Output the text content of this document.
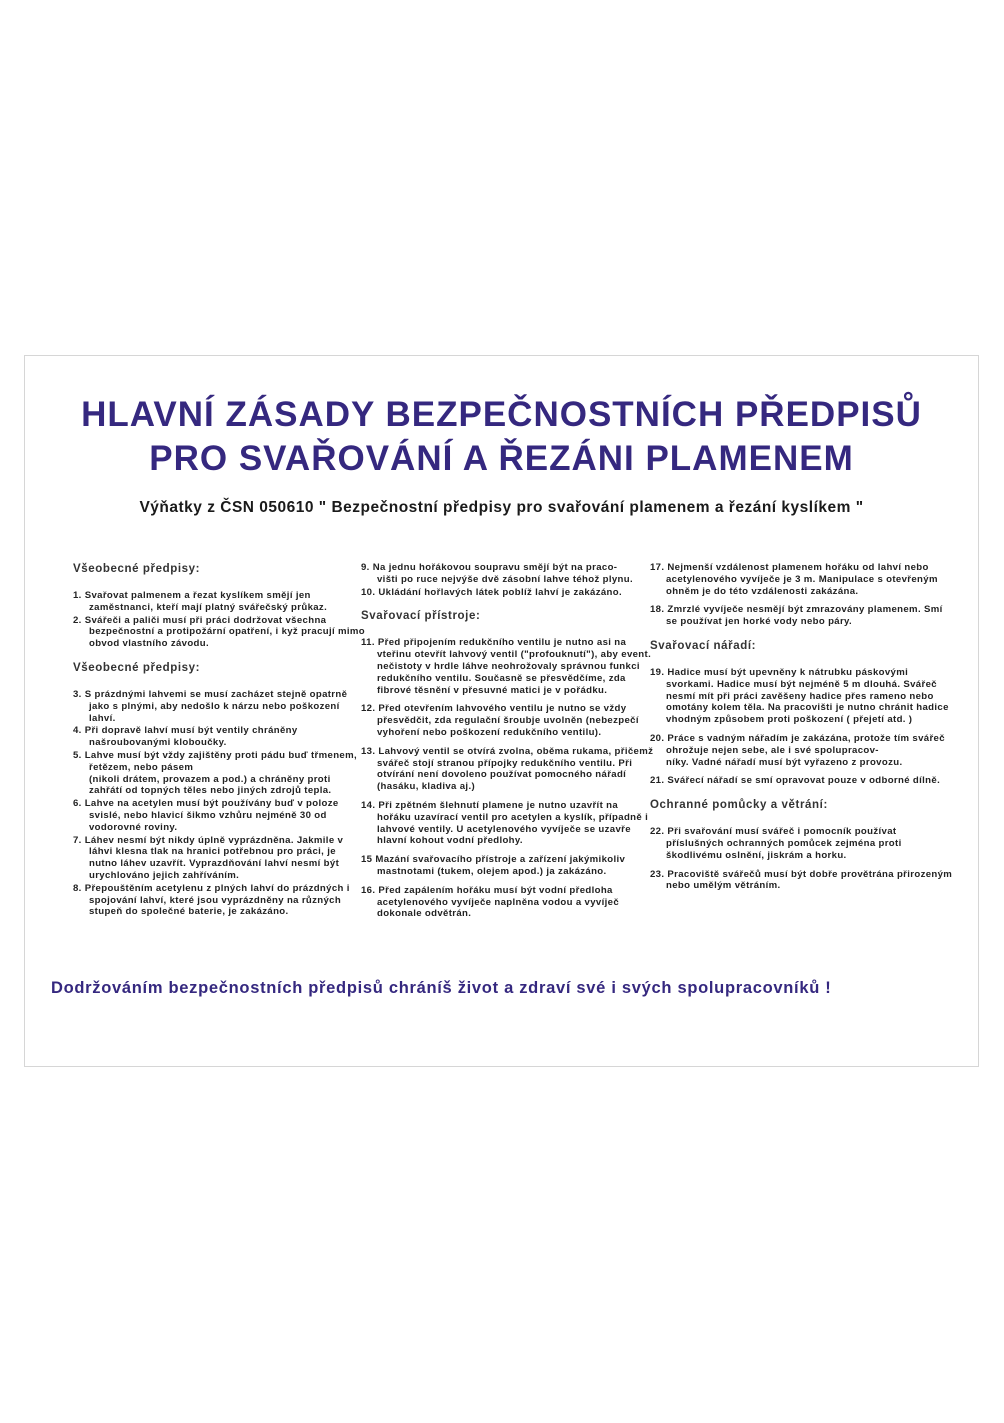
HLAVNÍ ZÁSADY BEZPEČNOSTNÍCH PŘEDPISŮ
PRO SVAŘOVÁNÍ A ŘEZÁNI PLAMENEM

Výňatky z ČSN 050610 " Bezpečnostní předpisy pro svařování plamenem a řezání kyslíkem "

Všeobecné předpisy:

1. Svařovat palmenem a řezat kyslíkem smějí jen zaměstnanci, kteří mají platný svářečský průkaz.

2. Svářeči a paliči musí při práci dodržovat všechna bezpečnostní a protipožární opatření, i kyž pracují mimo obvod vlastního závodu.

Všeobecné předpisy:

3. S prázdnými lahvemi se musí zacházet stejně opatrně jako s plnými, aby nedošlo k nárzu nebo poškození lahví.

4. Při dopravě lahví musí být ventily chráněny našroubovanými kloboučky.

5. Lahve musí být vždy zajištěny proti pádu buď třmenem, řetězem, nebo pásem
(nikoli drátem, provazem a pod.) a chráněny proti zahřátí od topných těles nebo jiných zdrojů tepla.

6. Lahve na acetylen musí být používány buď v poloze svislé, nebo hlavicí šikmo vzhůru nejméně 30 od vodorovné roviny.

7. Láhev nesmí být nikdy úplně vyprázdněna. Jakmile v láhvi klesna tlak na hranici potřebnou pro práci, je nutno láhev uzavřít. Vyprazdňování lahví nesmí být urychlováno jejich zahříváním.

8. Přepouštěním acetylenu z plných lahví do prázdných i spojování lahví, které jsou vyprázdněny na různých stupeň do společné baterie, je zakázáno.

9. Na jednu hořákovou soupravu smějí být na praco-
višti po ruce nejvýše dvě zásobní lahve téhož plynu.

10. Ukládání hořlavých látek poblíž lahví je zakázáno.

Svařovací přístroje:

11. Před připojením redukčního ventilu je nutno asi na vteřinu otevřít lahvový ventil ("profouknutí"), aby event. nečistoty v hrdle láhve neohrožovaly správnou funkci redukčního ventilu. Současně se přesvědčíme, zda fibrové těsnění v přesuvné matici je v pořádku.

12. Před otevřením lahvového ventilu je nutno se vždy přesvědčit, zda regulační šroubje uvolněn (nebezpečí vyhoření nebo poškození redukčního ventilu).

13. Lahvový ventil se otvírá zvolna, oběma rukama, přičemž svářeč stojí stranou přípojky redukčního ventilu. Při otvírání není dovoleno používat pomocného nářadí (hasáku, kladiva aj.)

14. Při zpětném šlehnutí plamene je nutno uzavřít na hořáku uzavírací ventil pro acetylen a kyslík, případně i lahvové ventily. U acetylenového vyvíječe se uzavře hlavní kohout vodní předlohy.

15 Mazání svařovacího přístroje a zařízení jakýmikoliv mastnotami (tukem, olejem apod.) ja zakázáno.

16. Před zapálením hořáku musí být vodní předloha acetylenového vyvíječe naplněna vodou a vyvíječ dokonale odvětrán.

17. Nejmenší vzdálenost plamenem hořáku od lahví nebo acetylenového vyvíječe je 3 m. Manipulace s otevřeným ohněm je do této vzdálenosti zakázána.

18. Zmrzlé vyvíječe nesmějí být zmrazovány plamenem. Smí se používat jen horké vody nebo páry.

Svařovací nářadí:

19. Hadice musí být upevněny k nátrubku páskovými svorkami. Hadice musí být nejméně 5 m dlouhá. Svářeč nesmí mít při práci zavěšeny hadice přes rameno nebo omotány kolem těla. Na pracovišti je nutno chránit hadice vhodným způsobem proti poškození ( přejetí atd. )

20. Práce s vadným nářadím je zakázána, protože tím svářeč ohrožuje nejen sebe, ale i své spolupracov-
níky. Vadné nářadí musí být vyřazeno z provozu.

21. Svářecí nářadí se smí opravovat pouze v odborné dílně.

Ochranné pomůcky a větrání:

22. Při svařování musí svářeč i pomocník používat příslušných ochranných pomůcek zejména proti škodlivému oslnění, jiskrám a horku.

23. Pracoviště svářečů musí být dobře provětrána přirozeným nebo umělým větráním.

Dodržováním bezpečnostních předpisů chráníš život a zdraví své i svých spolupracovníků !
